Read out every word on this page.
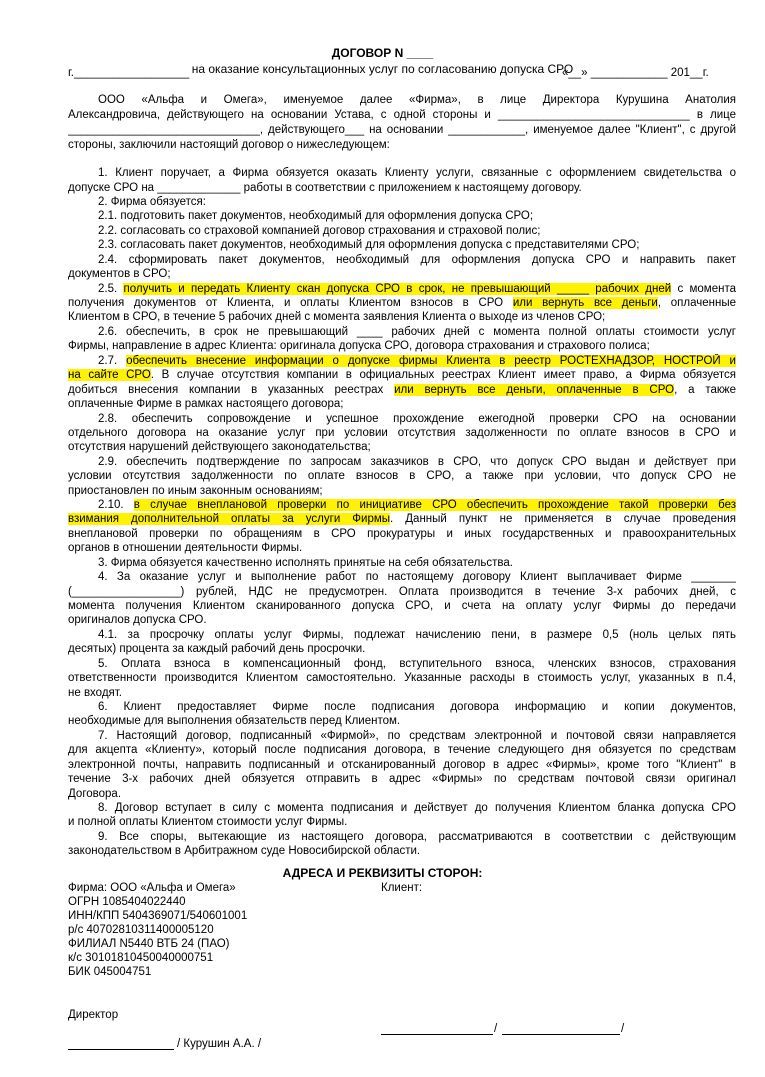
ДОГОВОР N ____
на оказание консультационных услуг по согласованию допуска СРО
г.__________________	«__» ____________ 201__г.
ООО «Альфа и Омега», именуемое далее «Фирма», в лице Директора Курушина Анатолия
Александровича, действующего на основании Устава, с одной стороны и ______________________________ в лице
______________________________, действующего___ на основании ____________, именуемое далее "Клиент", с другой
стороны, заключили настоящий договор о нижеследующем:
1. Клиент поручает, а Фирма обязуется оказать Клиенту услуги, связанные с оформлением свидетельства о
допуске СРО на _____________ работы в соответствии с приложением к настоящему договору.
2. Фирма обязуется:
2.1. подготовить пакет документов, необходимый для оформления допуска СРО;
2.2. согласовать со страховой компанией договор страхования и страховой полис;
2.3. согласовать пакет документов, необходимый для оформления допуска с представителями СРО;
2.4. сформировать пакет документов, необходимый для оформления допуска СРО и направить пакет
документов в СРО;
2.5. получить и передать Клиенту скан допуска СРО в срок, не превышающий _____ рабочих дней с момента
получения документов от Клиента, и оплаты Клиентом взносов в СРО или вернуть все деньги, оплаченные
Клиентом в СРО, в течение 5 рабочих дней с момента заявления Клиента о выходе из членов СРО;
2.6. обеспечить, в срок не превышающий ____ рабочих дней с момента полной оплаты стоимости услуг
Фирмы, направление в адрес Клиента: оригинала допуска СРО, договора страхования и страхового полиса;
2.7. обеспечить внесение информации о допуске фирмы Клиента в реестр РОСТЕХНАДЗОР, НОСТРОЙ и
на сайте СРО. В случае отсутствия компании в официальных реестрах Клиент имеет право, а Фирма обязуется
добиться внесения компании в указанных реестрах или вернуть все деньги, оплаченные в СРО, а также
оплаченные Фирме в рамках настоящего договора;
2.8. обеспечить сопровождение и успешное прохождение ежегодной проверки СРО на основании
отдельного договора на оказание услуг при условии отсутствия задолженности по оплате взносов в СРО и
отсутствия нарушений действующего законодательства;
2.9. обеспечить подтверждение по запросам заказчиков в СРО, что допуск СРО выдан и действует при
условии отсутствия задолженности по оплате взносов в СРО, а также при условии, что допуск СРО не
приостановлен по иным законным основаниям;
2.10. в случае внеплановой проверки по инициативе СРО обеспечить прохождение такой проверки без
взимания дополнительной оплаты за услуги Фирмы. Данный пункт не применяется в случае проведения
внеплановой проверки по обращениям в СРО прокуратуры и иных государственных и правоохранительных
органов в отношении деятельности Фирмы.
3. Фирма обязуется качественно исполнять принятые на себя обязательства.
4. За оказание услуг и выполнение работ по настоящему договору Клиент выплачивает Фирме _______
(_________________) рублей, НДС не предусмотрен. Оплата производится в течение 3-х рабочих дней, с
момента получения Клиентом сканированного допуска СРО, и счета на оплату услуг Фирмы до передачи
оригиналов допуска СРО.
4.1. за просрочку оплаты услуг Фирмы, подлежат начислению пени, в размере 0,5 (ноль целых пять
десятых) процента за каждый рабочий день просрочки.
5. Оплата взноса в компенсационный фонд, вступительного взноса, членских взносов, страхования
ответственности производится Клиентом самостоятельно. Указанные расходы в стоимость услуг, указанных в п.4,
не входят.
6. Клиент предоставляет Фирме после подписания договора информацию и копии документов,
необходимые для выполнения обязательств перед Клиентом.
7. Настоящий договор, подписанный «Фирмой», по средствам электронной и почтовой связи направляется
для акцепта «Клиенту», который после подписания договора, в течение следующего дня обязуется по средствам
электронной почты, направить подписанный и отсканированный договор в адрес «Фирмы», кроме того "Клиент" в
течение 3-х рабочих дней обязуется отправить в адрес «Фирмы» по средствам почтовой связи оригинал
Договора.
8. Договор вступает в силу с момента подписания и действует до получения Клиентом бланка допуска СРО
и полной оплаты Клиентом стоимости услуг Фирмы.
9. Все споры, вытекающие из настоящего договора, рассматриваются в соответствии с действующим
законодательством в Арбитражном суде Новосибирской области.
АДРЕСА И РЕКВИЗИТЫ СТОРОН:
Клиент:
Фирма: ООО «Альфа и Омега»
ОГРН 1085404022440
ИНН/КПП 5404369071/540601001
р/с 40702810311400005120
ФИЛИАЛ N5440 ВТБ 24 (ПАО)
к/с 30101810450040000751
БИК 045004751
Директор
/	/
/ Курушин А.А. /
